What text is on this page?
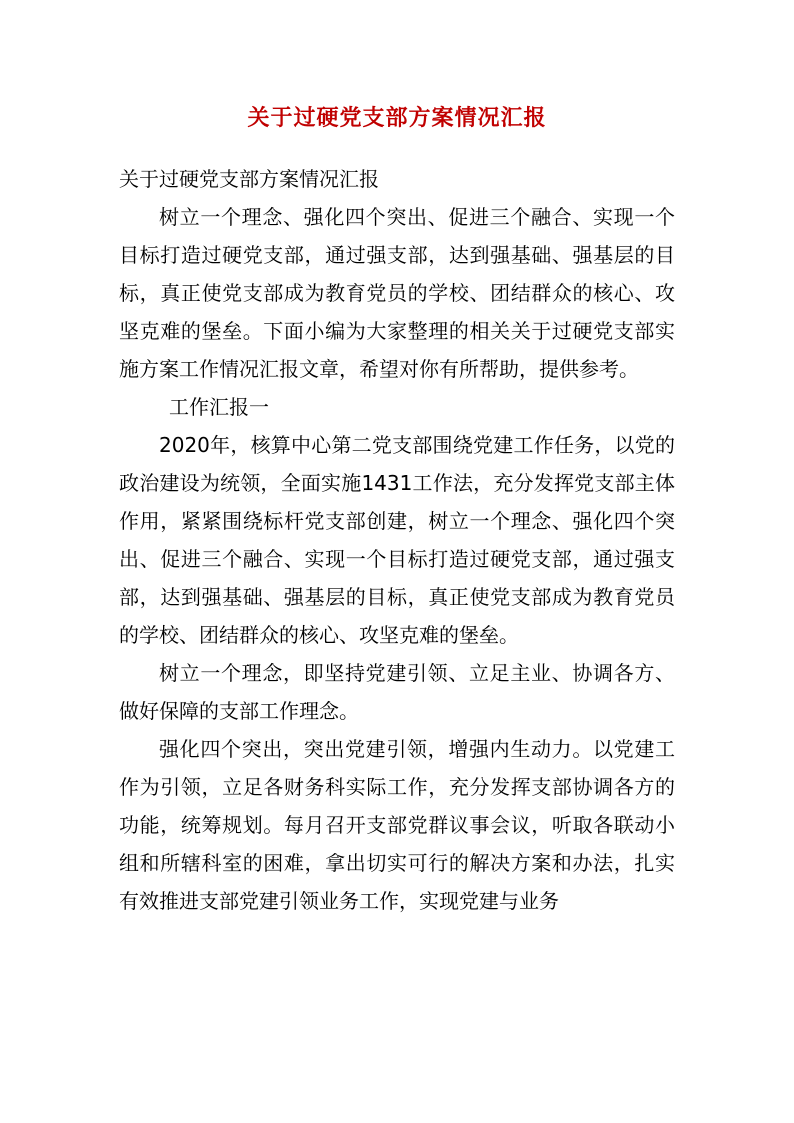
关于过硬党支部方案情况汇报

关于过硬党支部方案情况汇报

树立一个理念、强化四个突出、促进三个融合、实现一个目标打造过硬党支部，通过强支部，达到强基础、强基层的目标，真正使党支部成为教育党员的学校、团结群众的核心、攻坚克难的堡垒。下面小编为大家整理的相关关于过硬党支部实施方案工作情况汇报文章，希望对你有所帮助，提供参考。

工作汇报一

2020年，核算中心第二党支部围绕党建工作任务，以党的政治建设为统领，全面实施1431工作法，充分发挥党支部主体作用，紧紧围绕标杆党支部创建，树立一个理念、强化四个突出、促进三个融合、实现一个目标打造过硬党支部，通过强支部，达到强基础、强基层的目标，真正使党支部成为教育党员的学校、团结群众的核心、攻坚克难的堡垒。

树立一个理念，即坚持党建引领、立足主业、协调各方、做好保障的支部工作理念。

强化四个突出，突出党建引领，增强内生动力。以党建工作为引领，立足各财务科实际工作，充分发挥支部协调各方的功能，统筹规划。每月召开支部党群议事会议，听取各联动小组和所辖科室的困难，拿出切实可行的解决方案和办法，扎实有效推进支部党建引领业务工作，实现党建与业务
